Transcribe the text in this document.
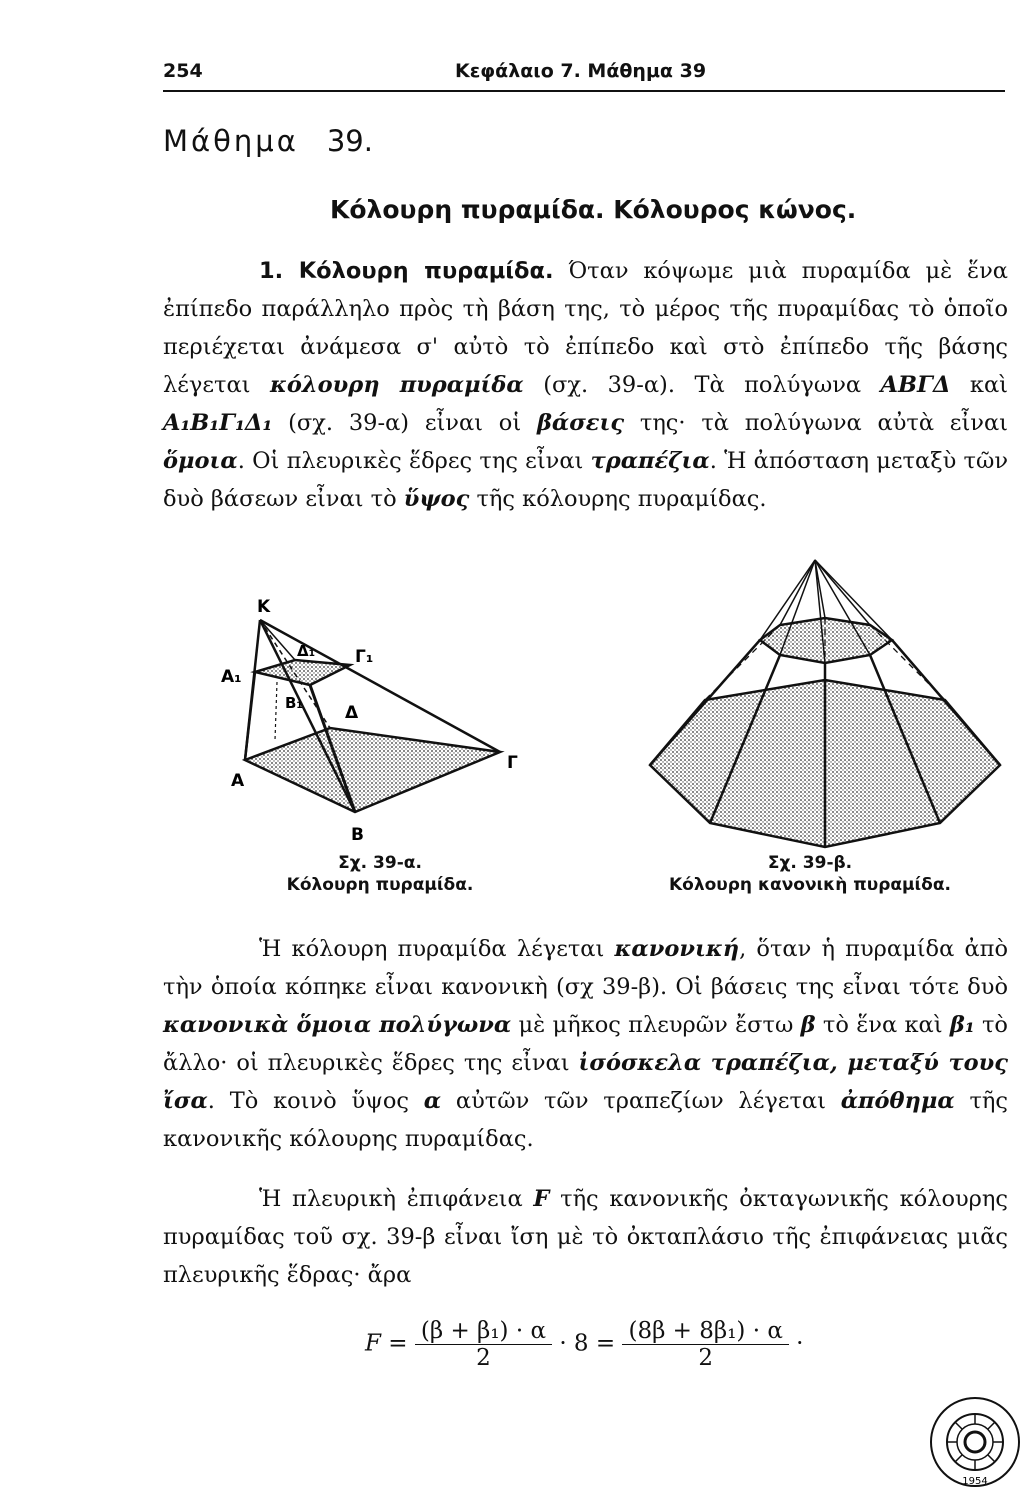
254	Κεφάλαιο 7. Μάθημα 39
Μάθημα 39.
Κόλουρη πυραμίδα. Κόλουρος κώνος.
1. Κόλουρη πυραμίδα. Όταν κόψωμε μιὰ πυραμίδα μὲ ἕνα ἐπίπεδο παράλληλο πρὸς τὴ βάση της, τὸ μέρος τῆς πυραμίδας τὸ ὁποῖο περιέχεται ἀνάμεσα σ' αὐτὸ τὸ ἐπίπεδο καὶ στὸ ἐπίπεδο τῆς βάσης λέγεται κόλουρη πυραμίδα (σχ. 39-α). Τὰ πολύγωνα ΑΒΓΔ καὶ Α₁Β₁Γ₁Δ₁ (σχ. 39-α) εἶναι οἱ βάσεις της· τὰ πολύγωνα αὐτὰ εἶναι ὅμοια. Οἱ πλευρικὲς ἕδρες της εἶναι τραπέζια. Ἡ ἀπόσταση μεταξὺ τῶν δυὸ βάσεων εἶναι τὸ ὕψος τῆς κόλουρης πυραμίδας.
K
A₁
Δ₁ Γ₁
B₁ Δ
Γ
A
B
Σχ. 39-α.
Κόλουρη πυραμίδα.
Σχ. 39-β.
Κόλουρη κανονικὴ πυραμίδα.
Ἡ κόλουρη πυραμίδα λέγεται κανονική, ὅταν ἡ πυραμίδα ἀπὸ τὴν ὁποία κόπηκε εἶναι κανονικὴ (σχ 39-β). Οἱ βάσεις της εἶναι τότε δυὸ κανονικὰ ὅμοια πολύγωνα μὲ μῆκος πλευρῶν ἔστω β τὸ ἕνα καὶ β₁ τὸ ἄλλο· οἱ πλευρικὲς ἕδρες της εἶναι ἰσόσκελα τραπέζια, μεταξύ τους ἴσα. Τὸ κοινὸ ὕψος α αὐτῶν τῶν τραπεζίων λέγεται ἀπόθημα τῆς κανονικῆς κόλουρης πυραμίδας.
Ἡ πλευρικὴ ἐπιφάνεια F τῆς κανονικῆς ὀκταγωνικῆς κόλουρης πυραμίδας τοῦ σχ. 39-β εἶναι ἴση μὲ τὸ ὀκταπλάσιο τῆς ἐπιφάνειας μιᾶς πλευρικῆς ἕδρας· ἄρα
$F = \frac{\text{(β + β₁) · α}}{2} \cdot 8 = \frac{\text{(8β + 8β₁) · α}}{2}$ ·
1954
